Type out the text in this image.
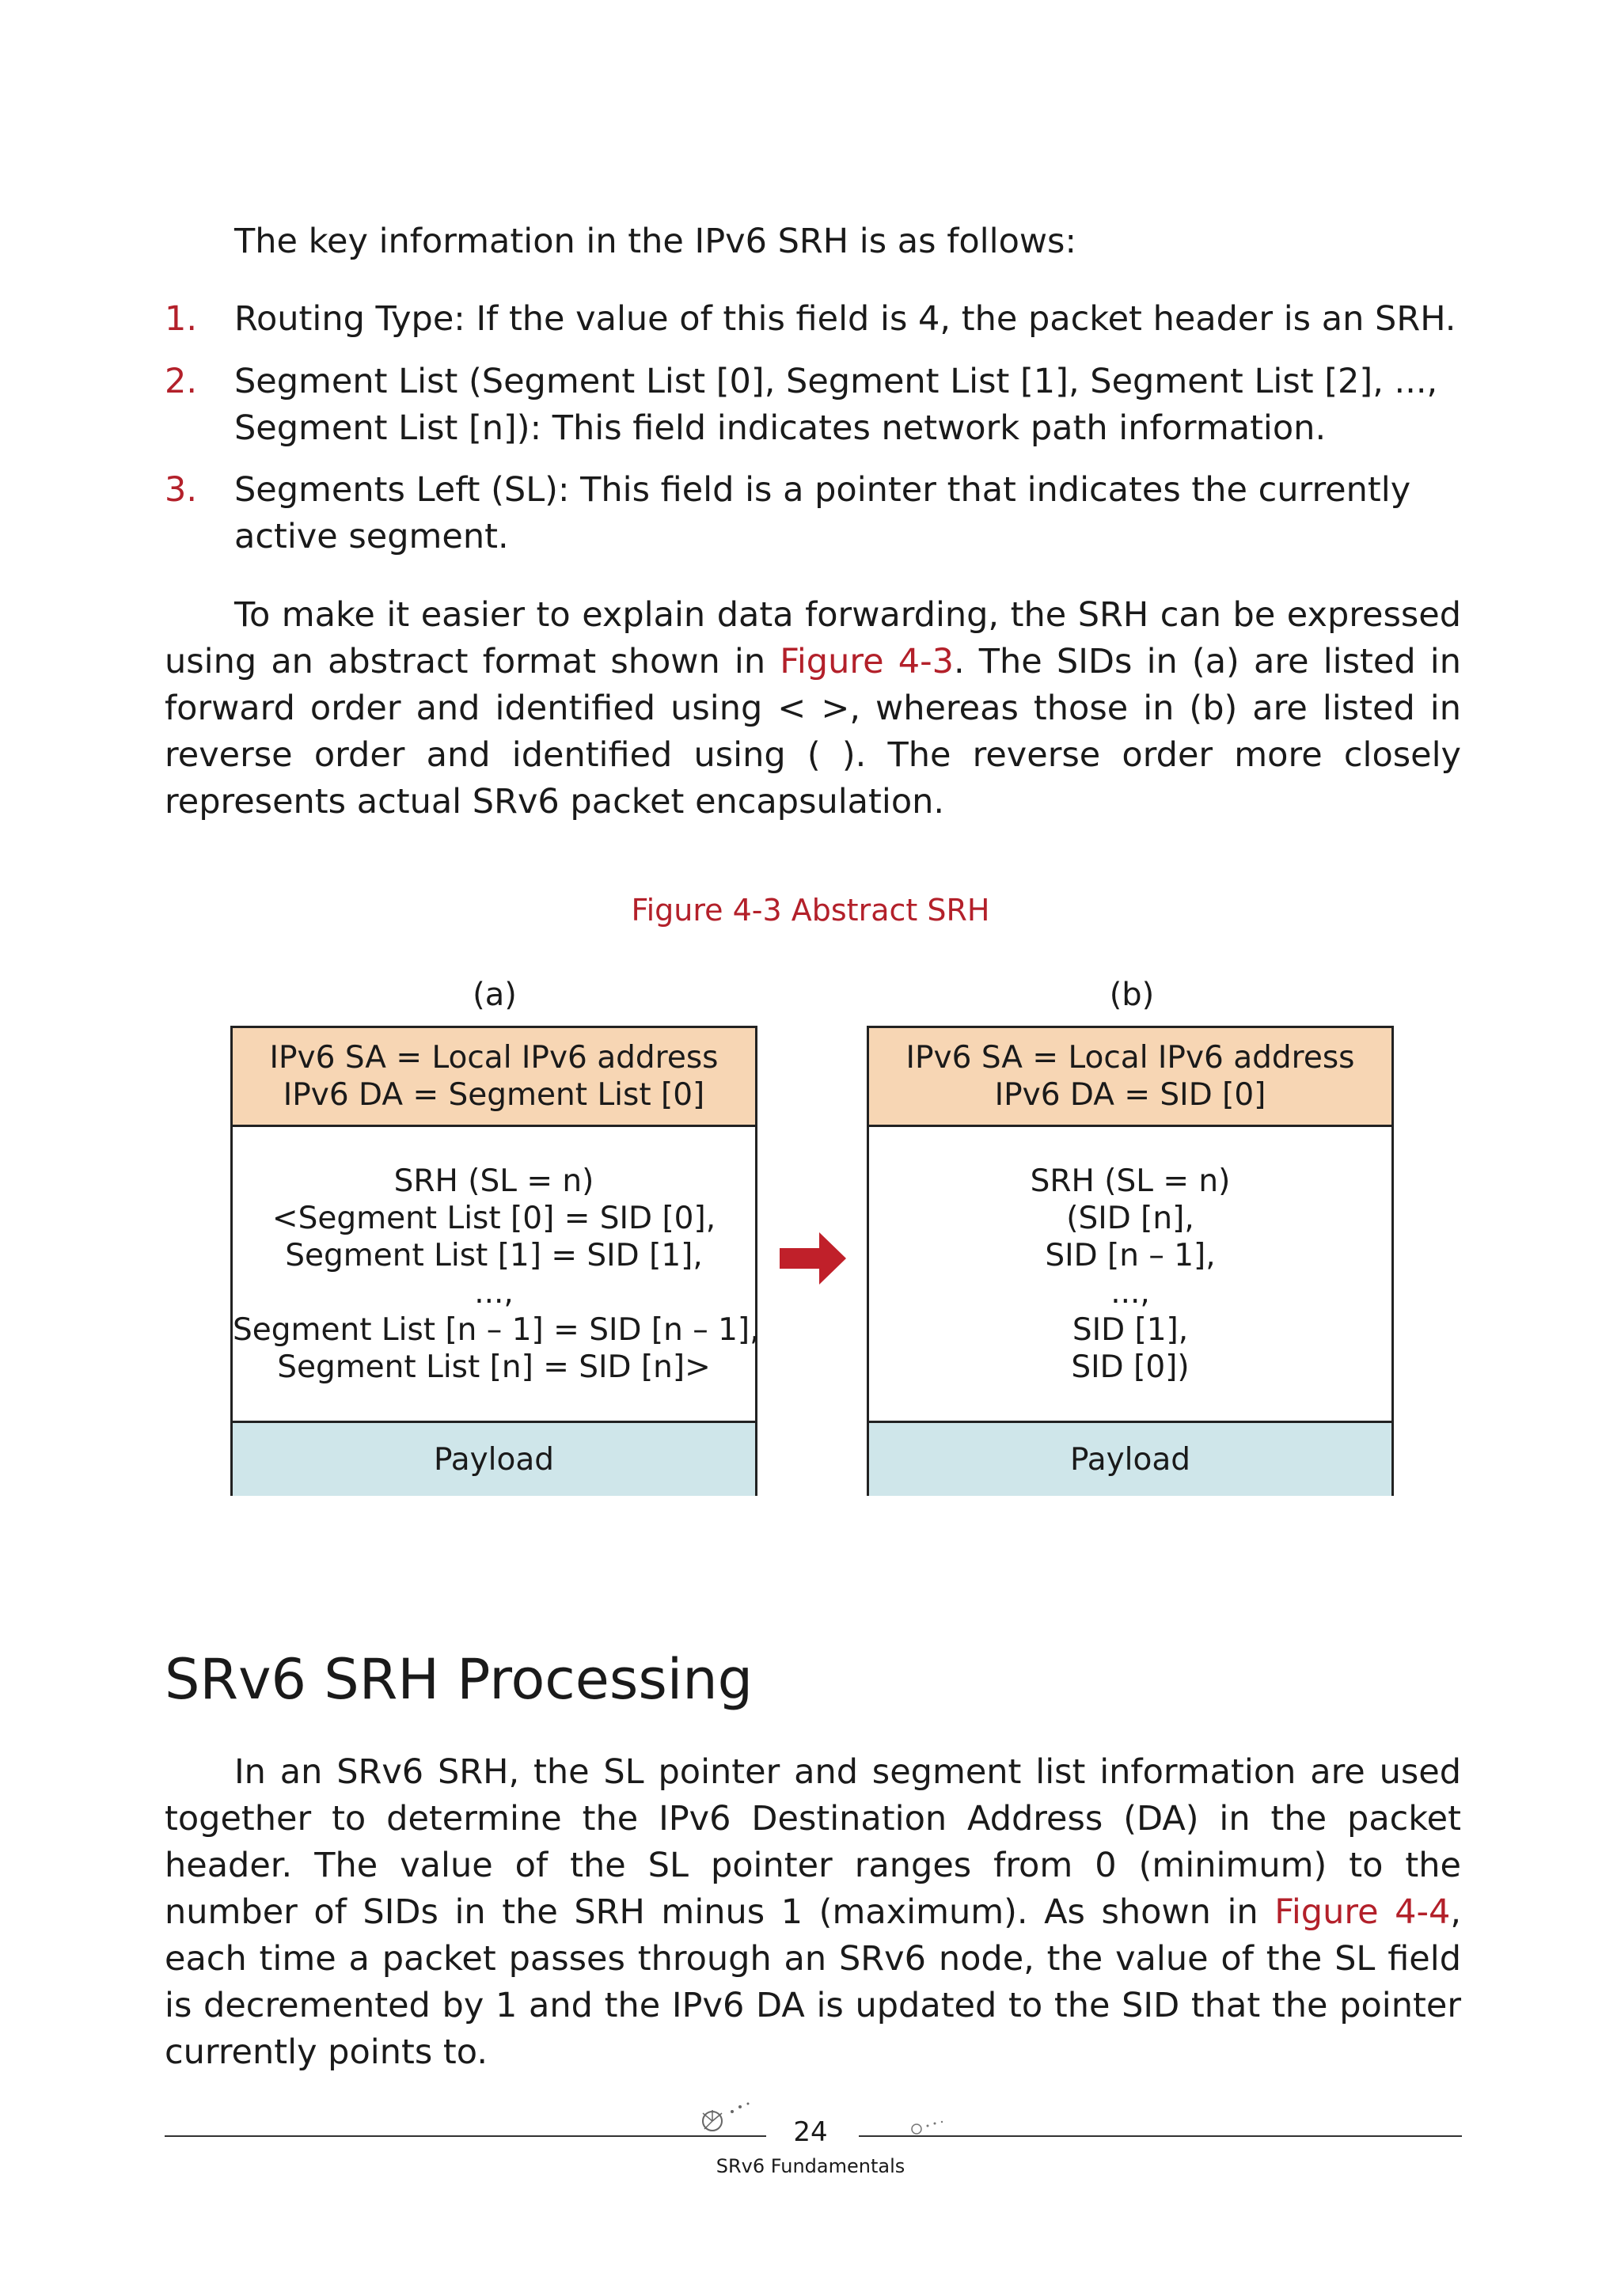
The key information in the IPv6 SRH is as follows:

1. Routing Type: If the value of this field is 4, the packet header is an SRH.
2. Segment List (Segment List [0], Segment List [1], Segment List [2], ..., Segment List [n]): This field indicates network path information.
3. Segments Left (SL): This field is a pointer that indicates the currently active segment.

To make it easier to explain data forwarding, the SRH can be expressed using an abstract format shown in Figure 4-3. The SIDs in (a) are listed in forward order and identified using < >, whereas those in (b) are listed in reverse order and identified using ( ). The reverse order more closely represents actual SRv6 packet encapsulation.

Figure 4-3 Abstract SRH
(a)	(b)
IPv6 SA = Local IPv6 address
IPv6 DA = Segment List [0]
SRH (SL = n)
<Segment List [0] = SID [0],
Segment List [1] = SID [1],
...,
Segment List [n – 1] = SID [n – 1],
Segment List [n] = SID [n]>
Payload
IPv6 SA = Local IPv6 address
IPv6 DA = SID [0]
SRH (SL = n)
(SID [n],
SID [n – 1],
...,
SID [1],
SID [0])
Payload
SRv6 SRH Processing

In an SRv6 SRH, the SL pointer and segment list information are used together to determine the IPv6 Destination Address (DA) in the packet header. The value of the SL pointer ranges from 0 (minimum) to the number of SIDs in the SRH minus 1 (maximum). As shown in Figure 4-4, each time a packet passes through an SRv6 node, the value of the SL field is decremented by 1 and the IPv6 DA is updated to the SID that the pointer currently points to.

24
SRv6 Fundamentals
